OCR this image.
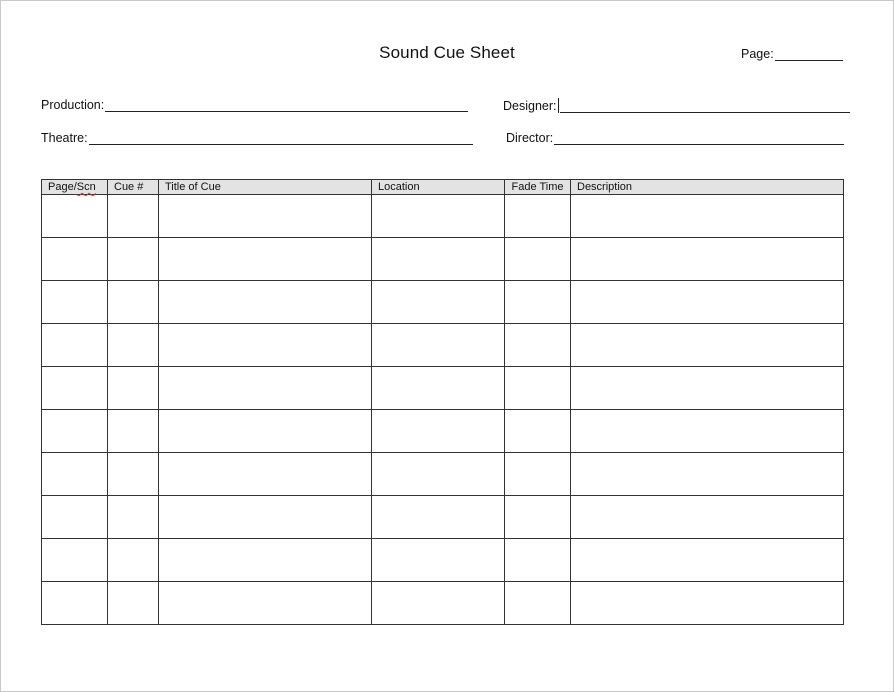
Sound Cue Sheet	Page:
Production:	Designer:
Theatre:	Director:
Page/Scn	Cue #	Title of Cue	Location	Fade Time	Description
